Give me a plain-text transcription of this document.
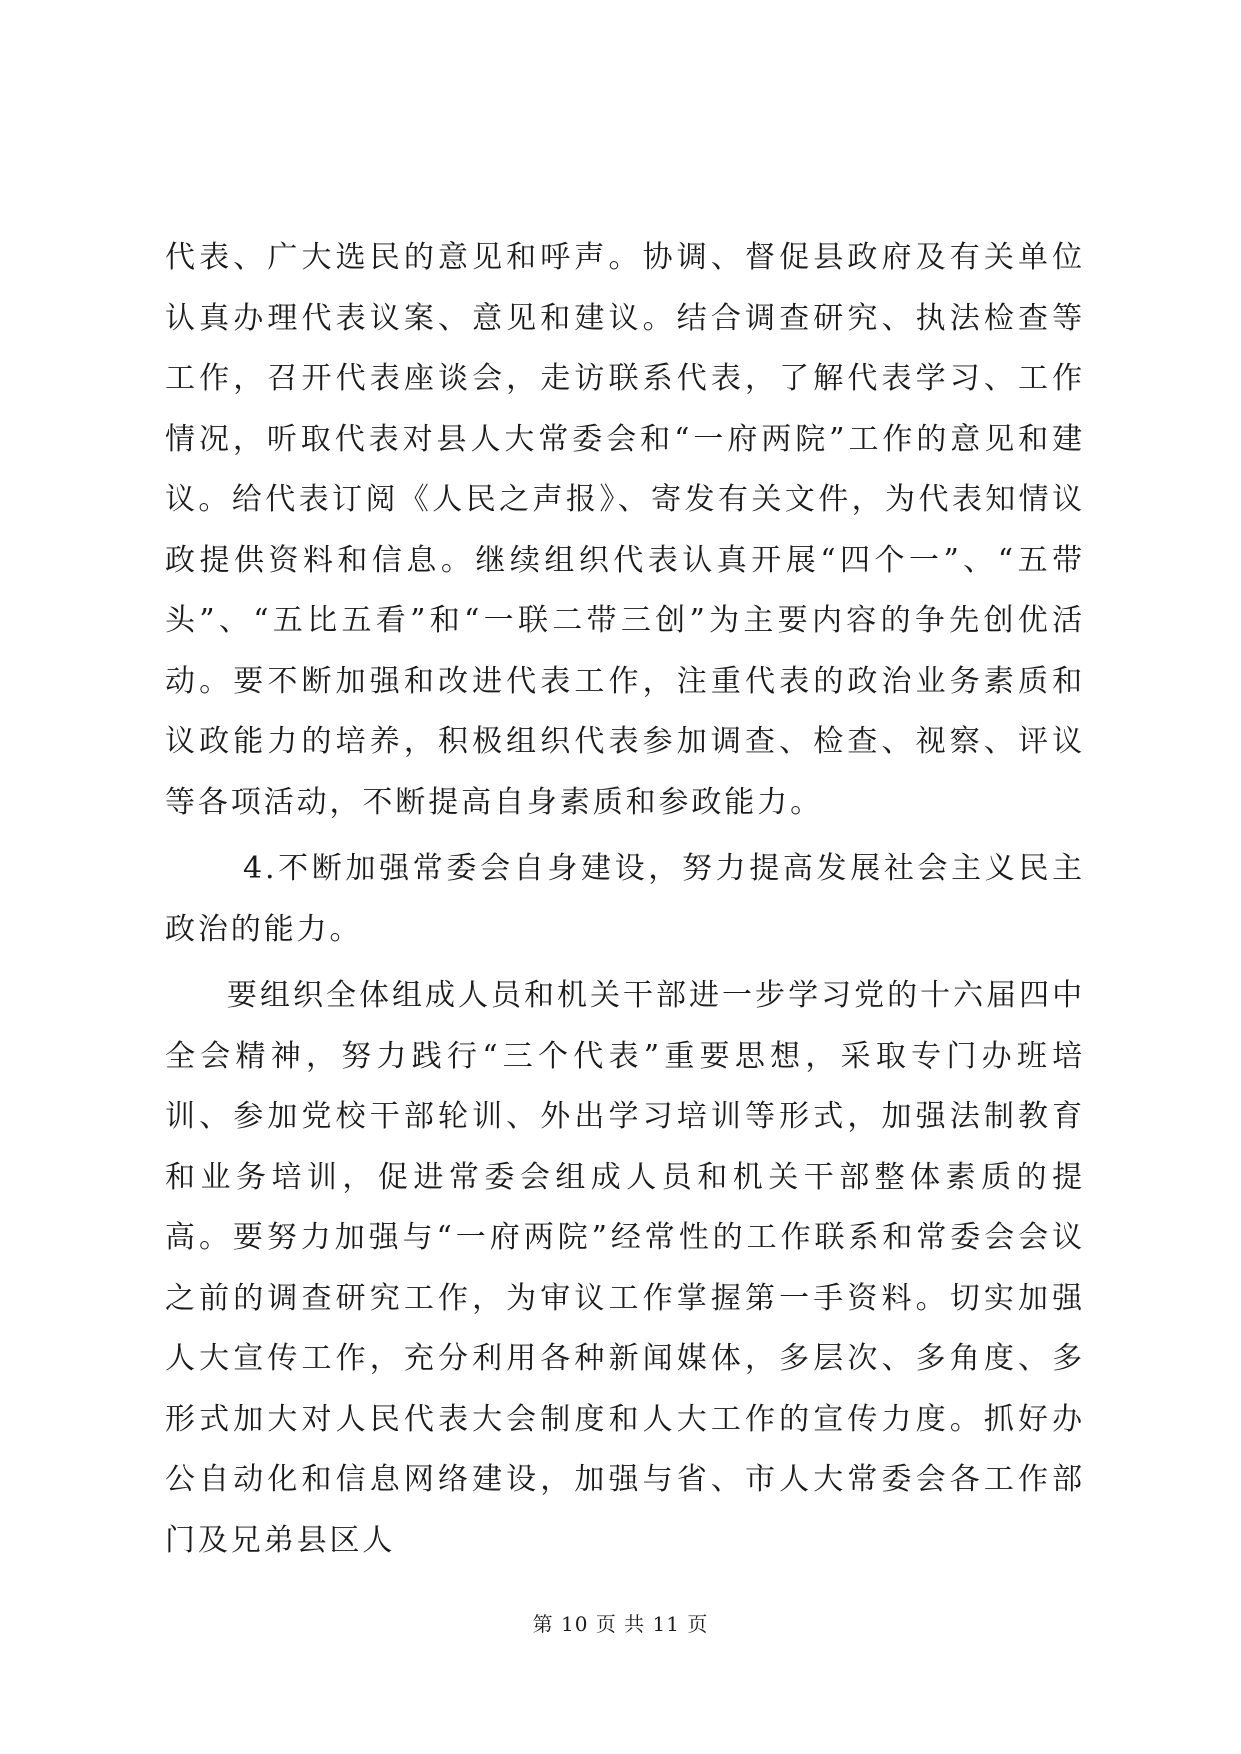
代表、广大选民的意见和呼声。协调、督促县政府及有关单位认真办理代表议案、意见和建议。结合调查研究、执法检查等工作，召开代表座谈会，走访联系代表，了解代表学习、工作情况，听取代表对县人大常委会和“一府两院”工作的意见和建议。给代表订阅《人民之声报》、寄发有关文件，为代表知情议政提供资料和信息。继续组织代表认真开展“四个一”、“五带头”、“五比五看”和“一联二带三创”为主要内容的争先创优活动。要不断加强和改进代表工作，注重代表的政治业务素质和议政能力的培养，积极组织代表参加调查、检查、视察、评议等各项活动，不断提高自身素质和参政能力。

4.不断加强常委会自身建设，努力提高发展社会主义民主政治的能力。

要组织全体组成人员和机关干部进一步学习党的十六届四中全会精神，努力践行“三个代表”重要思想，采取专门办班培训、参加党校干部轮训、外出学习培训等形式，加强法制教育和业务培训，促进常委会组成人员和机关干部整体素质的提高。要努力加强与“一府两院”经常性的工作联系和常委会会议之前的调查研究工作，为审议工作掌握第一手资料。切实加强人大宣传工作，充分利用各种新闻媒体，多层次、多角度、多形式加大对人民代表大会制度和人大工作的宣传力度。抓好办公自动化和信息网络建设，加强与省、市人大常委会各工作部门及兄弟县区人

第 10 页 共 11 页
